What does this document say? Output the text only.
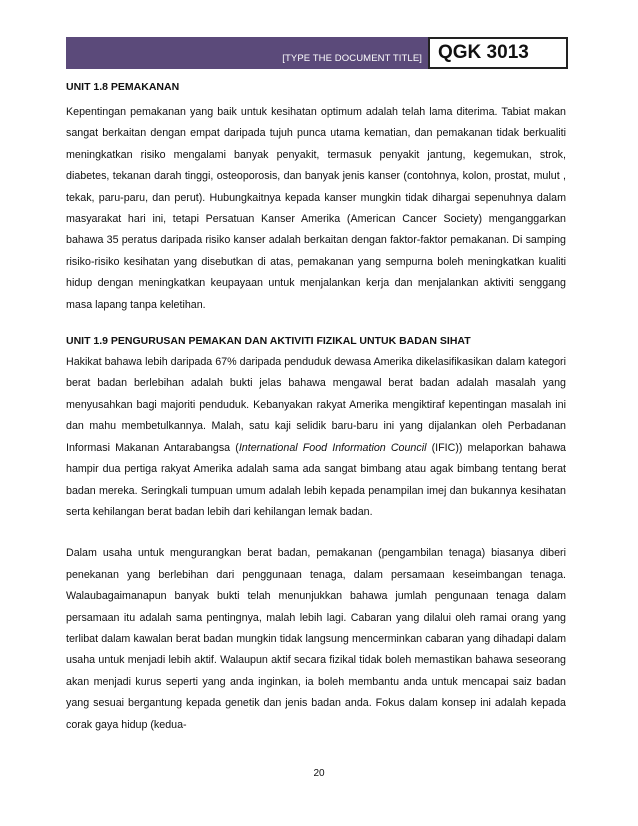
[TYPE THE DOCUMENT TITLE] QGK 3013

UNIT 1.8 PEMAKANAN

Kepentingan pemakanan yang baik untuk kesihatan optimum adalah telah lama diterima. Tabiat makan sangat berkaitan dengan empat daripada tujuh punca utama kematian, dan pemakanan tidak berkualiti meningkatkan risiko mengalami banyak penyakit, termasuk penyakit jantung, kegemukan, strok, diabetes, tekanan darah tinggi, osteoporosis, dan banyak jenis kanser (contohnya, kolon, prostat, mulut , tekak, paru-paru, dan perut). Hubungkaitnya kepada kanser mungkin tidak dihargai sepenuhnya dalam masyarakat hari ini, tetapi Persatuan Kanser Amerika (American Cancer Society) menganggarkan bahawa 35 peratus daripada risiko kanser adalah berkaitan dengan faktor-faktor pemakanan. Di samping risiko-risiko kesihatan yang disebutkan di atas, pemakanan yang sempurna boleh meningkatkan kualiti hidup dengan meningkatkan keupayaan untuk menjalankan kerja dan menjalankan aktiviti senggang masa lapang tanpa keletihan.

UNIT 1.9 PENGURUSAN PEMAKAN DAN AKTIVITI FIZIKAL UNTUK BADAN SIHAT

Hakikat bahawa lebih daripada 67% daripada penduduk dewasa Amerika dikelasifikasikan dalam kategori berat badan berlebihan adalah bukti jelas bahawa mengawal berat badan adalah masalah yang menyusahkan bagi majoriti penduduk. Kebanyakan rakyat Amerika mengiktiraf kepentingan masalah ini dan mahu membetulkannya. Malah, satu kaji selidik baru-baru ini yang dijalankan oleh Perbadanan Informasi Makanan Antarabangsa (International Food Information Council (IFIC)) melaporkan bahawa hampir dua pertiga rakyat Amerika adalah sama ada sangat bimbang atau agak bimbang tentang berat badan mereka. Seringkali tumpuan umum adalah lebih kepada penampilan imej dan bukannya kesihatan serta kehilangan berat badan lebih dari kehilangan lemak badan.

Dalam usaha untuk mengurangkan berat badan, pemakanan (pengambilan tenaga) biasanya diberi penekanan yang berlebihan dari penggunaan tenaga, dalam persamaan keseimbangan tenaga. Walaubagaimanapun banyak bukti telah menunjukkan bahawa jumlah pengunaan tenaga dalam persamaan itu adalah sama pentingnya, malah lebih lagi. Cabaran yang dilalui oleh ramai orang yang terlibat dalam kawalan berat badan mungkin tidak langsung mencerminkan cabaran yang dihadapi dalam usaha untuk menjadi lebih aktif. Walaupun aktif secara fizikal tidak boleh memastikan bahawa seseorang akan menjadi kurus seperti yang anda inginkan, ia boleh membantu anda untuk mencapai saiz badan yang sesuai bergantung kepada genetik dan jenis badan anda. Fokus dalam konsep ini adalah kepada corak gaya hidup (kedua-

20
